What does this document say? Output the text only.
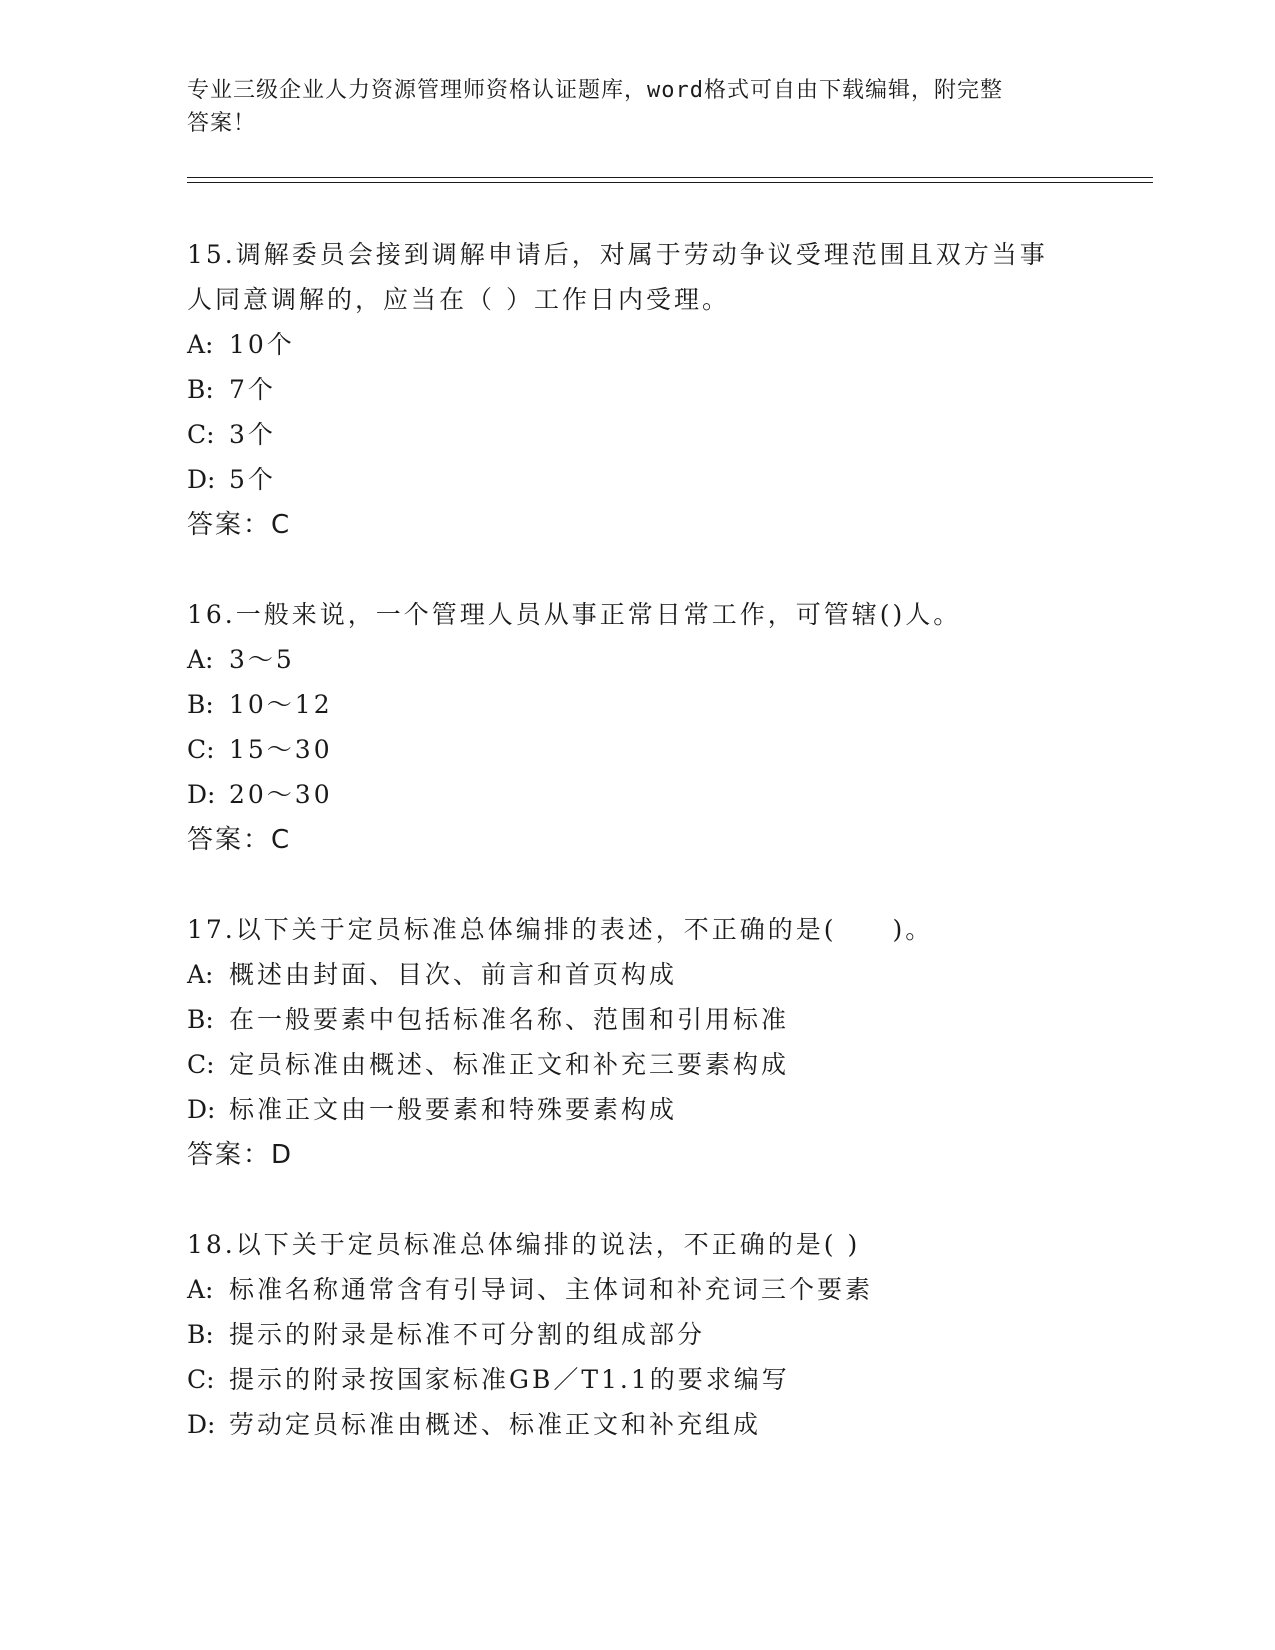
专业三级企业人力资源管理师资格认证题库，word格式可自由下载编辑，附完整
答案！
15.调解委员会接到调解申请后，对属于劳动争议受理范围且双方当事
人同意调解的，应当在（ ）工作日内受理。
A: 10个
B: 7个
C: 3个
D: 5个
答案：C
16.一般来说，一个管理人员从事正常日常工作，可管辖()人。
A: 3～5
B: 10～12
C: 15～30
D: 20～30
答案：C
17.以下关于定员标准总体编排的表述，不正确的是(　　)。
A: 概述由封面、目次、前言和首页构成
B: 在一般要素中包括标准名称、范围和引用标准
C: 定员标准由概述、标准正文和补充三要素构成
D: 标准正文由一般要素和特殊要素构成
答案：D
18.以下关于定员标准总体编排的说法，不正确的是( )
A: 标准名称通常含有引导词、主体词和补充词三个要素
B: 提示的附录是标准不可分割的组成部分
C: 提示的附录按国家标准GB／T1.1的要求编写
D: 劳动定员标准由概述、标准正文和补充组成
